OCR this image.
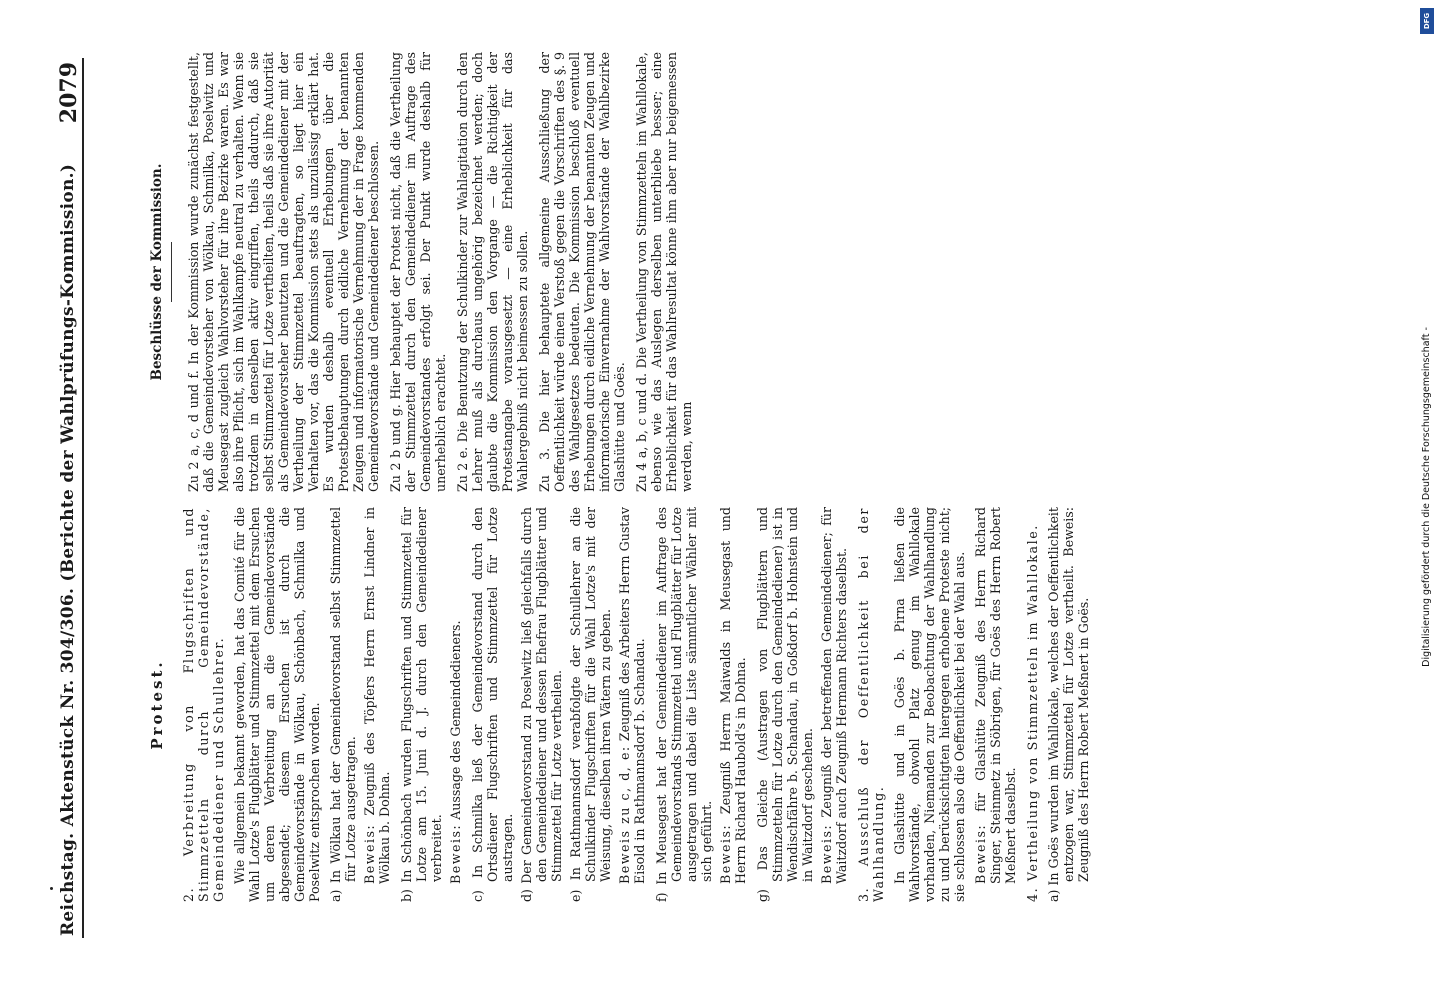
Reichstag. Aktenstück Nr. 304/306. (Berichte der Wahlprüfungs-Kommission.)
2079
Protest. 2. Verbreitung von Flugschriften und Stimmzetteln durch Gemeindevorstände, Gemeindediener und Schullehrer. Wie allgemein bekannt geworden, hat das Comité für die Wahl Lotze's Flugblätter und Stimmzettel mit dem Ersuchen um deren Verbreitung an die Gemeindevorstände abgesendet; diesem Ersuchen ist durch die Gemeindevorstände in Wölkau, Schönbach, Schmilka und Poselwitz entsprochen worden. a) In Wölkau hat der Gemeindevorstand selbst Stimmzettel für Lotze ausgetragen. Beweis: Zeugniß des Töpfers Herrn Ernst Lindner in Wölkau b. Dohna.
b) In Schönbach wurden Flugschriften und Stimmzettel für Lotze am 15. Juni d. J. durch den Gemeindediener verbreitet. Beweis: Aussage des Gemeindedieners.
c) In Schmilka ließ der Gemeindevorstand durch den Ortsdiener Flugschriften und Stimmzettel für Lotze austragen.
d) Der Gemeindevorstand zu Poselwitz ließ gleichfalls durch den Gemeindediener und dessen Ehefrau Flugblätter und Stimmzettel für Lotze vertheilen.
e) In Rathmannsdorf verabfolgte der Schullehrer an die Schulkinder Flugschriften für die Wahl Lotze's mit der Weisung, dieselben ihren Vätern zu geben. Beweis zu c, d, e: Zeugniß des Arbeiters Herrn Gustav Eisold in Rathmannsdorf b. Schandau.
f) In Meusegast hat der Gemeindediener im Auftrage des Gemeindevorstands Stimmzettel und Flugblätter für Lotze ausgetragen und dabei die Liste sämmtlicher Wähler mit sich geführt. Beweis: Zeugniß Herrn Maiwalds in Meusegast und Herrn Richard Haubold's in Dohna.
g) Das Gleiche (Austragen von Flugblättern und Stimmzetteln für Lotze durch den Gemeindediener) ist in Wendischfähre b. Schandau, in Goßdorf b. Hohnstein und in Waitzdorf geschehen. Beweis: Zeugniß der betreffenden Gemeindediener; für Waitzdorf auch Zeugniß Hermann Richters daselbst. 3. Ausschluß der Oeffentlichkeit bei der Wahlhandlung. In Glashütte und in Goës b. Pirna ließen die Wahlvorstände, obwohl Platz genug im Wahllokale vorhanden, Niemanden zur Beobachtung der Wahlhandlung zu und berücksichtigten hiergegen erhobene Proteste nicht; sie schlossen also die Oeffentlichkeit bei der Wahl aus. Beweis: für Glashütte Zeugniß des Herrn Richard Singer, Steinmetz in Söbrigen, für Goës des Herrn Robert Meßnert daselbst. 4. Vertheilung von Stimmzetteln im Wahllokale. a) In Goës wurden im Wahllokale, welches der Oeffentlichkeit entzogen war, Stimmzettel für Lotze vertheilt. Beweis: Zeugniß des Herrn Robert Meßnert in Goës.
Beschlüsse der Kommission.
Zu 2 a, c, d und f. In der Kommission wurde zunächst festgestellt, daß die Gemeindevorsteher von Wölkau, Schmilka, Poselwitz und Meusegast zugleich Wahlvorsteher für ihre Bezirke waren. Es war also ihre Pflicht, sich im Wahlkampfe neutral zu verhalten. Wenn sie trotzdem in denselben aktiv eingriffen, theils dadurch, daß sie selbst Stimmzettel für Lotze vertheilten, theils daß sie ihre Autorität als Gemeindevorsteher benutzten und die Gemeindediener mit der Vertheilung der Stimmzettel beauftragten, so liegt hier ein Verhalten vor, das die Kommission stets als unzulässig erklärt hat. Es wurden deshalb eventuell Erhebungen über die Protestbehauptungen durch eidliche Vernehmung der benannten Zeugen und informatorische Vernehmung der in Frage kommenden Gemeindevorstände und Gemeindediener beschlossen. Zu 2 b und g. Hier behauptet der Protest nicht, daß die Vertheilung der Stimmzettel durch den Gemeindediener im Auftrage des Gemeindevorstandes erfolgt sei. Der Punkt wurde deshalb für unerheblich erachtet. Zu 2 e. Die Benutzung der Schulkinder zur Wahlagitation durch den Lehrer muß als durchaus ungehörig bezeichnet werden; doch glaubte die Kommission den Vorgange — die Richtigkeit der Protestangabe vorausgesetzt — eine Erheblichkeit für das Wahlergebniß nicht beimessen zu sollen. Zu 3. Die hier behauptete allgemeine Ausschließung der Oeffentlichkeit würde einen Verstoß gegen die Vorschriften des §. 9 des Wahlgesetzes bedeuten. Die Kommission beschloß eventuell Erhebungen durch eidliche Vernehmung der benannten Zeugen und informatorische Einvernahme der Wahlvorstände der Wahlbezirke Glashütte und Goës. Zu 4 a, b, c und d. Die Vertheilung von Stimmzetteln im Wahllokale, ebenso wie das Auslegen derselben unterbliebe besser; eine Erheblichkeit für das Wahlresultat könne ihm aber nur beigemessen werden, wenn	Digitalisierung gefördert durch die Deutsche Forschungsgemeinschaft -
DFG
